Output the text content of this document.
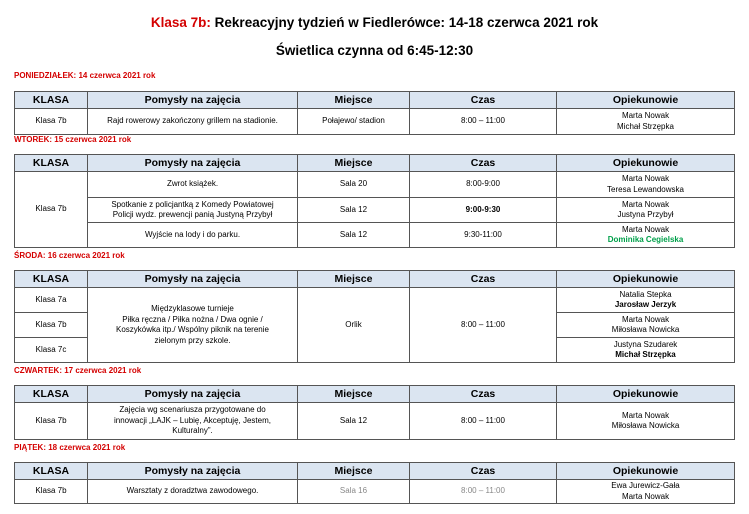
Klasa 7b: Rekreacyjny tydzień w Fiedlerówce: 14-18 czerwca 2021 rok
Świetlica czynna od 6:45-12:30
PONIEDZIAŁEK: 14 czerwca 2021 rok
KLASA	Pomysły na zajęcia	Miejsce	Czas	Opiekunowie
Klasa 7b	Rajd rowerowy zakończony grillem na stadionie.	Połajewo/ stadion	8:00 – 11:00	Marta Nowak
Michał Strzępka
WTOREK: 15 czerwca 2021 rok
KLASA	Pomysły na zajęcia	Miejsce	Czas	Opiekunowie
Klasa 7b	Zwrot książek.	Sala 20	8:00-9:00	Marta Nowak
Teresa Lewandowska
	Spotkanie z policjantką z Komedy Powiatowej
Policji wydz. prewencji panią Justyną Przybył	Sala 12	9:00-9:30	Marta Nowak
Justyna Przybył
	Wyjście na lody i do parku.	Sala 12	9:30-11:00	Marta Nowak
Dominika Cegielska
ŚRODA: 16 czerwca 2021 rok
KLASA	Pomysły na zajęcia	Miejsce	Czas	Opiekunowie
Klasa 7a	Międzyklasowe turnieje
Piłka ręczna / Piłka nożna / Dwa ognie /
Koszykówka itp./ Wspólny piknik na terenie
zielonym przy szkole.	Orlik	8:00 – 11:00	Natalia Stepka
Jarosław Jerzyk
Klasa 7b				Marta Nowak
Miłosława Nowicka
Klasa 7c				Justyna Szudarek
Michał Strzępka
CZWARTEK: 17 czerwca 2021 rok
KLASA	Pomysły na zajęcia	Miejsce	Czas	Opiekunowie
Klasa 7b	Zajęcia wg scenariusza przygotowane do
innowacji „LAJK – Lubię, Akceptuję, Jestem,
Kulturalny”.	Sala 12	8:00 – 11:00	Marta Nowak
Miłosława Nowicka
PIĄTEK: 18 czerwca 2021 rok
KLASA	Pomysły na zajęcia	Miejsce	Czas	Opiekunowie
Klasa 7b	Warsztaty z doradztwa zawodowego.	Sala 16	8:00 – 11:00	Ewa Jurewicz-Gała
Marta Nowak
